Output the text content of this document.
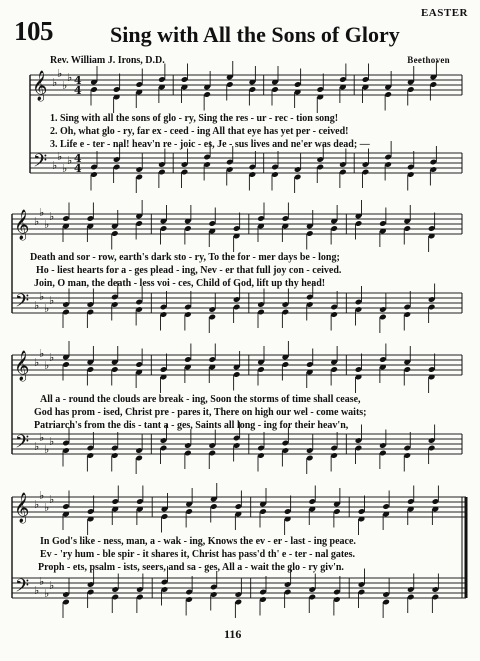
105	Sing with All the Sons of Glory
EASTER
Rev. William J. Irons, D.D.	Beethoven
𝄞
𝄢
♭
♭
♭
♭
♭
♭
♭
♭
4
4
4
4
𝄞
𝄢
♭
♭
♭
♭
♭
♭
♭
♭
𝄞
𝄢
♭
♭
♭
♭
♭
♭
♭
♭
𝄞
𝄢
♭
♭
♭
♭
♭
♭
♭
♭
1. Sing with all the sons of glo - ry, Sing the res - ur - rec - tion song!
2. Oh, what glo - ry, far ex - ceed - ing All that eye has yet per - ceived!
3. Life e - ter - nal! heav'n re - joic - es, Je - sus lives and ne'er was dead; —
Death and sor - row, earth's dark sto - ry, To the for - mer days be - long;
Ho - liest hearts for a - ges plead - ing, Nev - er that full joy con - ceived.
Join, O man, the death - less voi - ces, Child of God, lift up thy head!
All a - round the clouds are break - ing, Soon the storms of time shall cease,
God has prom - ised, Christ pre - pares it, There on high our wel - come waits;
Patriarch's from the dis - tant a - ges, Saints all long - ing for their heav'n,
In God's like - ness, man, a - wak - ing, Knows the ev - er - last - ing peace.
Ev - 'ry hum - ble spir - it shares it, Christ has pass'd th' e - ter - nal gates.
Proph - ets, psalm - ists, seers, and sa - ges, All a - wait the glo - ry giv'n.
116
